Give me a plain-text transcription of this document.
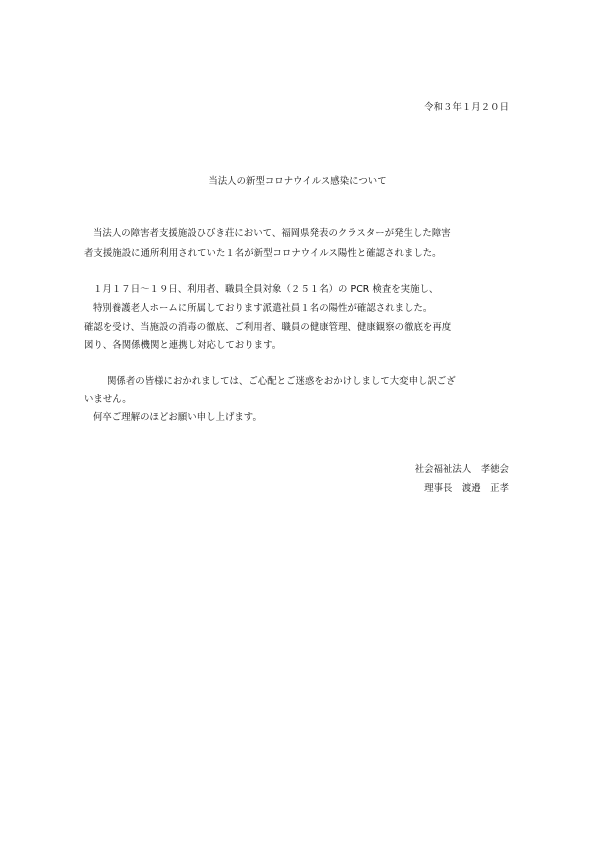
令和３年１月２０日
当法人の新型コロナウイルス感染について
当法人の障害者支援施設ひびき荘において、福岡県発表のクラスターが発生した障害
者支援施設に通所利用されていた１名が新型コロナウイルス陽性と確認されました。
１月１７日～１９日、利用者、職員全員対象（２５１名）の PCR 検査を実施し、
特別養護老人ホームに所属しております派遣社員１名の陽性が確認されました。
確認を受け、当施設の消毒の徹底、ご利用者、職員の健康管理、健康観察の徹底を再度
図り、各関係機関と連携し対応しております。
関係者の皆様におかれましては、ご心配とご迷惑をおかけしまして大変申し訳ござ
いません。
何卒ご理解のほどお願い申し上げます。
社会福祉法人　孝徳会
理事長　渡邉　正孝
